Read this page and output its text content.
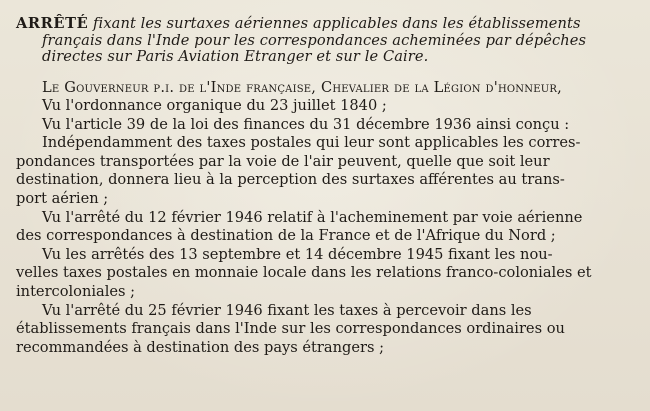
ARRÊTÉ fixant les surtaxes aériennes applicables dans les établissements
français dans l'Inde pour les correspondances acheminées par dépêches
directes sur Paris Aviation Etranger et sur le Caire.
Le Gouverneur p.i. de l'Inde française, Chevalier de la Légion d'honneur,
Vu l'ordonnance organique du 23 juillet 1840 ;
Vu l'article 39 de la loi des finances du 31 décembre 1936 ainsi conçu :
Indépendamment des taxes postales qui leur sont applicables les corres-
pondances transportées par la voie de l'air peuvent, quelle que soit leur
destination, donnera lieu à la perception des surtaxes afférentes au trans-
port aérien ;
Vu l'arrêté du 12 février 1946 relatif à l'acheminement par voie aérienne
des correspondances à destination de la France et de l'Afrique du Nord ;
Vu les arrêtés des 13 septembre et 14 décembre 1945 fixant les nou-
velles taxes postales en monnaie locale dans les relations franco-coloniales et
intercoloniales ;
Vu l'arrêté du 25 février 1946 fixant les taxes à percevoir dans les
établissements français dans l'Inde sur les correspondances ordinaires ou
recommandées à destination des pays étrangers ;
